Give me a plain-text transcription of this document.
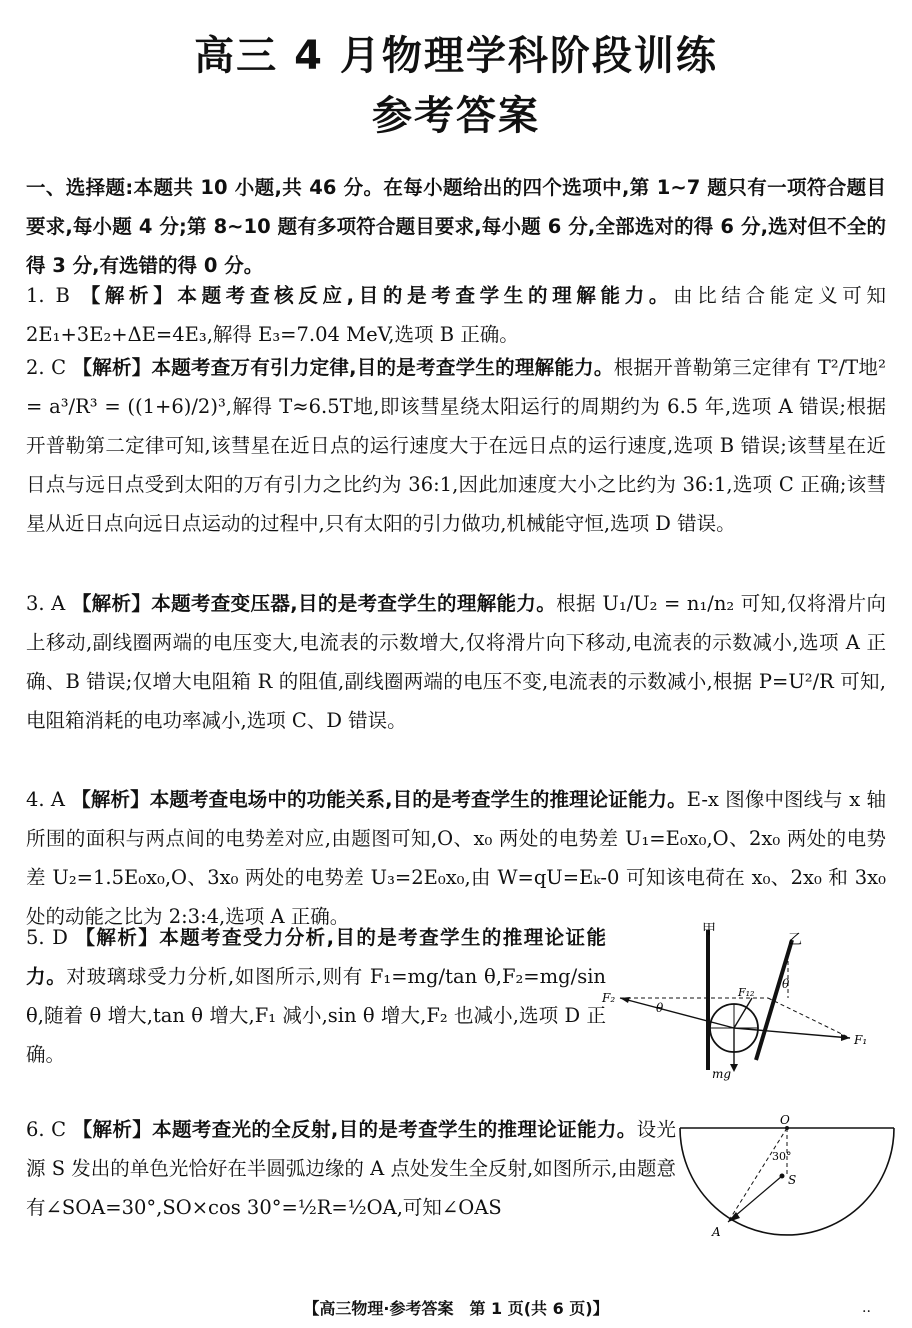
高三 4 月物理学科阶段训练
参考答案
一、选择题:本题共 10 小题,共 46 分。在每小题给出的四个选项中,第 1~7 题只有一项符合题目要求,每小题 4 分;第 8~10 题有多项符合题目要求,每小题 6 分,全部选对的得 6 分,选对但不全的得 3 分,有选错的得 0 分。
1. B 【解析】本题考查核反应,目的是考查学生的理解能力。由比结合能定义可知 2E₁+3E₂+ΔE=4E₃,解得 E₃=7.04 MeV,选项 B 正确。
2. C 【解析】本题考查万有引力定律,目的是考查学生的理解能力。根据开普勒第三定律有 T²/T地² = a³/R³ = ((1+6)/2)³,解得 T≈6.5T地,即该彗星绕太阳运行的周期约为 6.5 年,选项 A 错误;根据开普勒第二定律可知,该彗星在近日点的运行速度大于在远日点的运行速度,选项 B 错误;该彗星在近日点与远日点受到太阳的万有引力之比约为 36:1,因此加速度大小之比约为 36:1,选项 C 正确;该彗星从近日点向远日点运动的过程中,只有太阳的引力做功,机械能守恒,选项 D 错误。
3. A 【解析】本题考查变压器,目的是考查学生的理解能力。根据 U₁/U₂ = n₁/n₂ 可知,仅将滑片向上移动,副线圈两端的电压变大,电流表的示数增大,仅将滑片向下移动,电流表的示数减小,选项 A 正确、B 错误;仅增大电阻箱 R 的阻值,副线圈两端的电压不变,电流表的示数减小,根据 P=U²/R 可知,电阻箱消耗的电功率减小,选项 C、D 错误。
4. A 【解析】本题考查电场中的功能关系,目的是考查学生的推理论证能力。E-x 图像中图线与 x 轴所围的面积与两点间的电势差对应,由题图可知,O、x₀ 两处的电势差 U₁=E₀x₀,O、2x₀ 两处的电势差 U₂=1.5E₀x₀,O、3x₀ 两处的电势差 U₃=2E₀x₀,由 W=qU=Eₖ-0 可知该电荷在 x₀、2x₀ 和 3x₀ 处的动能之比为 2:3:4,选项 A 正确。
5. D 【解析】本题考查受力分析,目的是考查学生的推理论证能力。对玻璃球受力分析,如图所示,则有 F₁=mg/tan θ,F₂=mg/sin θ,随着 θ 增大,tan θ 增大,F₁ 减小,sin θ 增大,F₂ 也减小,选项 D 正确。
甲
乙
F₂
F₁
F₁₂
θ
θ
mg
6. C 【解析】本题考查光的全反射,目的是考查学生的推理论证能力。设光源 S 发出的单色光恰好在半圆弧边缘的 A 点处发生全反射,如图所示,由题意有∠SOA=30°,SO×cos 30°=½R=½OA,可知∠OAS
O
S
A
30°
【高三物理·参考答案　第 1 页(共 6 页)】	..
